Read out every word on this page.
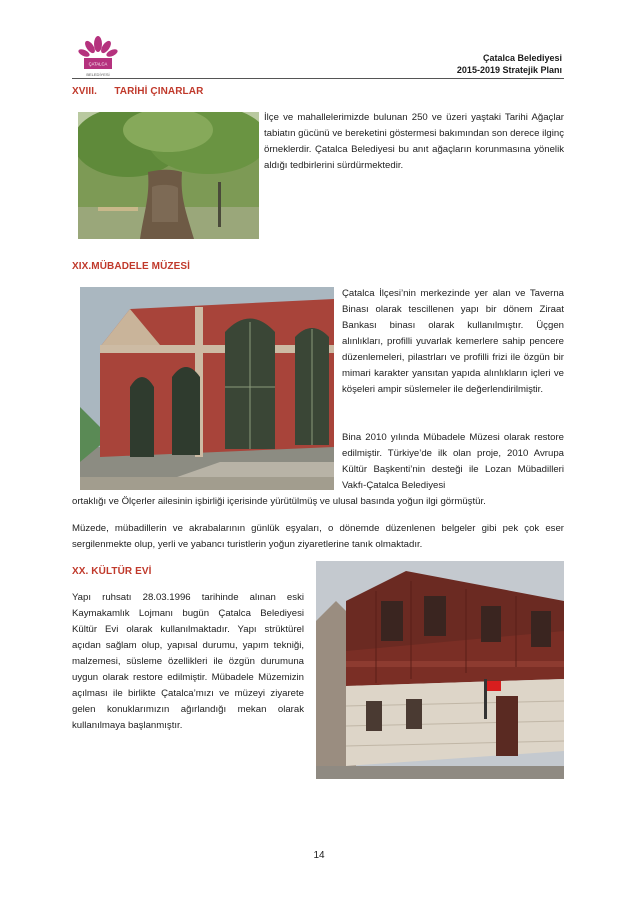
ÇATALCA
BELEDİYESİ
Çatalca Belediyesi
2015-2019 Stratejik Planı
XVIII.      TARİHİ ÇINARLAR
İlçe ve mahallelerimizde bulunan 250 ve üzeri yaştaki Tarihi Ağaçlar tabiatın gücünü ve bereketini göstermesi bakımından son derece ilginç örneklerdir. Çatalca Belediyesi bu anıt ağaçların korunmasına yönelik aldığı tedbirlerini sürdürmektedir.
XIX.MÜBADELE MÜZESİ
Çatalca İlçesi’nin merkezinde yer alan ve Taverna Binası olarak tescillenen yapı bir dönem Ziraat Bankası binası olarak kullanılmıştır. Üçgen alınlıkları, profilli yuvarlak kemerlere sahip pencere düzenlemeleri, pilastrları ve profilli frizi ile özgün bir mimari karakter yansıtan yapıda alınlıkların içleri ve köşeleri ampir süslemeler ile değerlendirilmiştir.
Bina 2010 yılında Mübadele Müzesi olarak restore edilmiştir. Türkiye’de ilk olan proje, 2010 Avrupa Kültür Başkenti’nin desteği ile Lozan Mübadilleri Vakfı-Çatalca Belediyesi
ortaklığı ve Ölçerler ailesinin işbirliği içerisinde yürütülmüş ve ulusal basında yoğun ilgi görmüştür.
Müzede, mübadillerin ve akrabalarının günlük eşyaları, o dönemde düzenlenen belgeler gibi pek çok eser sergilenmekte olup, yerli ve yabancı turistlerin yoğun ziyaretlerine tanık olmaktadır.
XX. KÜLTÜR EVİ
Yapı ruhsatı 28.03.1996 tarihinde alınan eski Kaymakamlık Lojmanı bugün Çatalca Belediyesi Kültür Evi olarak kullanılmaktadır. Yapı strüktürel açıdan sağlam olup, yapısal durumu, yapım tekniği, malzemesi, süsleme özellikleri ile özgün durumuna uygun olarak restore edilmiştir. Mübadele Müzemizin açılması ile birlikte Çatalca’mızı ve müzeyi ziyarete gelen konuklarımızın ağırlandığı mekan olarak kullanılmaya başlanmıştır.
14
